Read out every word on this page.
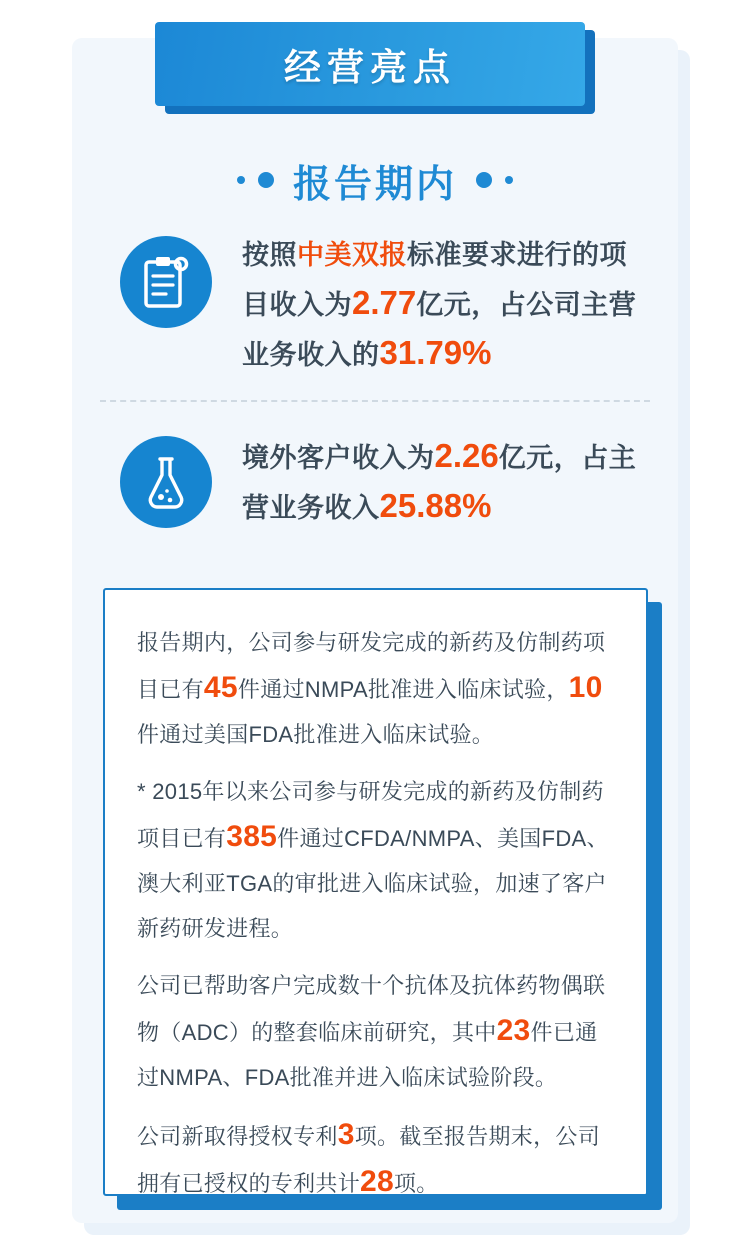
经营亮点
报告期内
按照中美双报标准要求进行的项目收入为2.77亿元，占公司主营业务收入的31.79%
境外客户收入为2.26亿元，占主营业务收入25.88%

报告期内，公司参与研发完成的新药及仿制药项目已有45件通过NMPA批准进入临床试验，10件通过美国FDA批准进入临床试验。

* 2015年以来公司参与研发完成的新药及仿制药项目已有385件通过CFDA/NMPA、美国FDA、澳大利亚TGA的审批进入临床试验，加速了客户新药研发进程。

公司已帮助客户完成数十个抗体及抗体药物偶联物（ADC）的整套临床前研究，其中23件已通过NMPA、FDA批准并进入临床试验阶段。

公司新取得授权专利3项。截至报告期末，公司拥有已授权的专利共计28项。
